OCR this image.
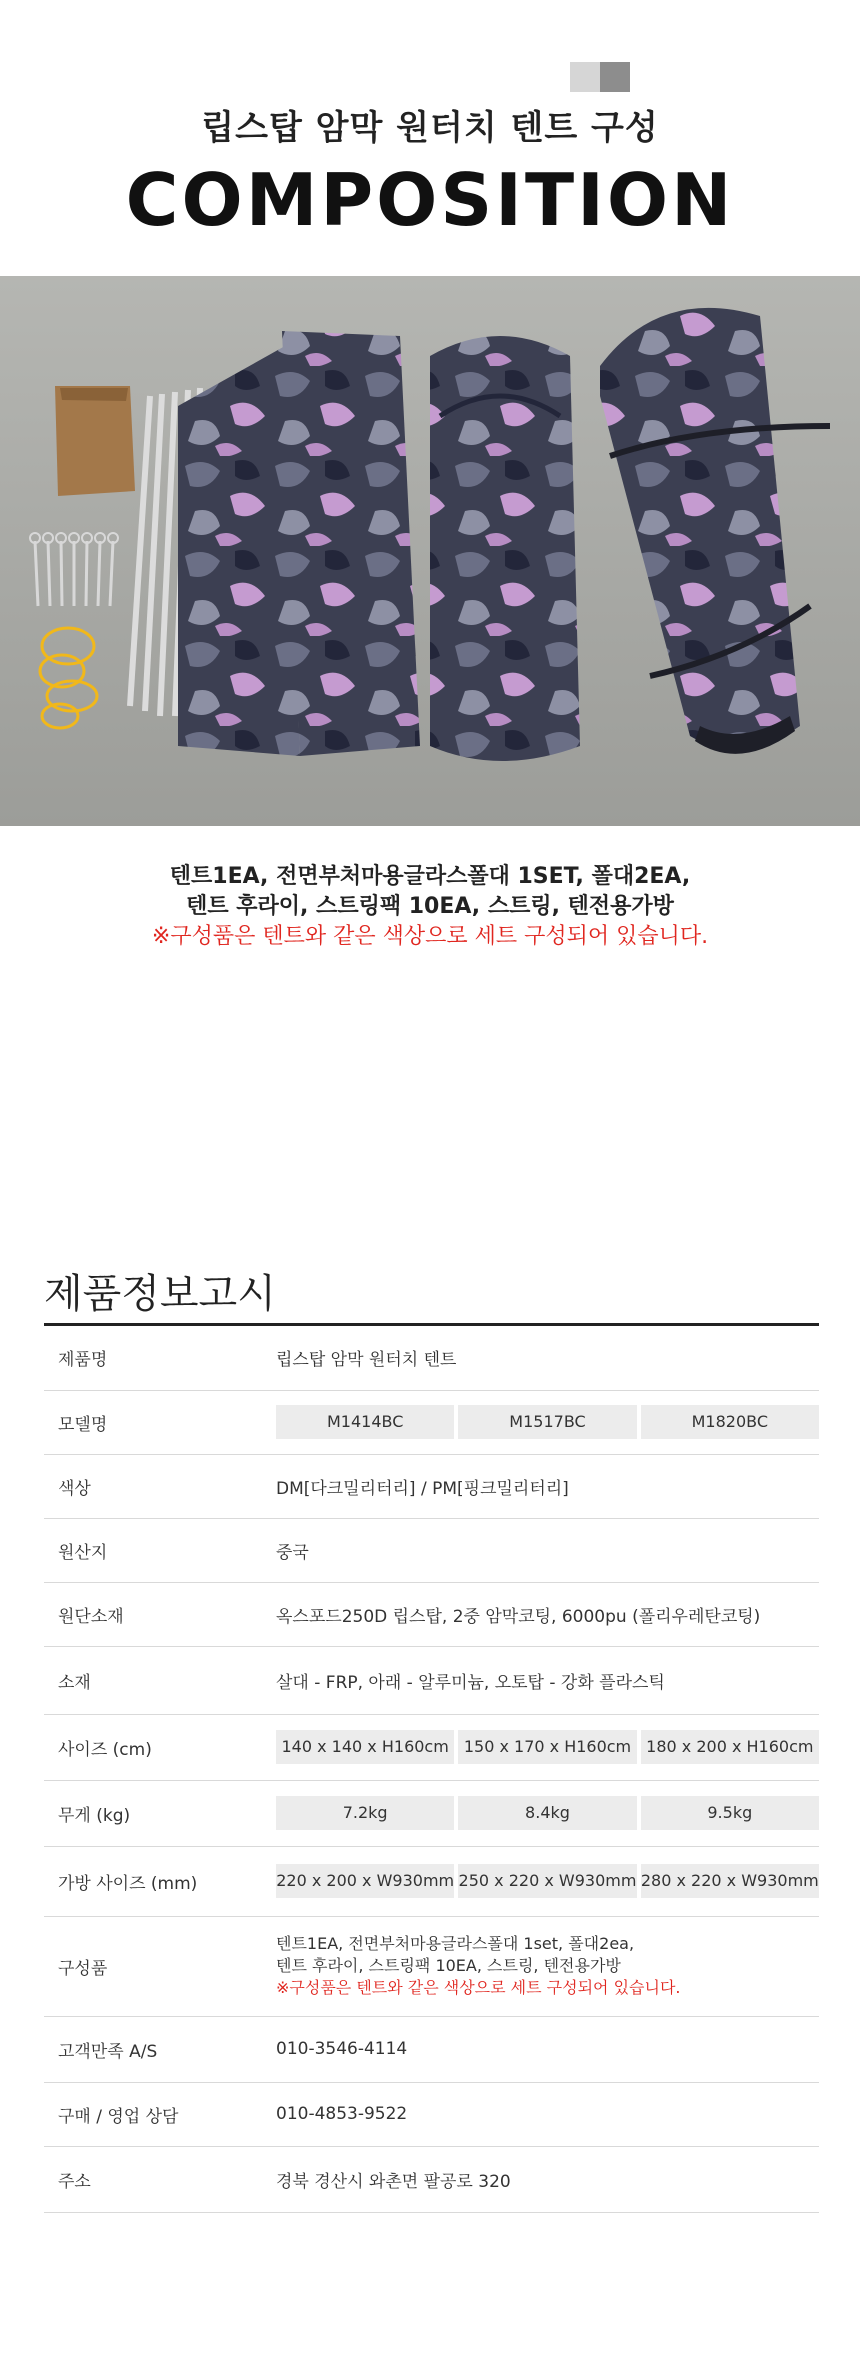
립스탑 암막 원터치 텐트 구성
COMPOSITION
텐트1EA, 전면부처마용글라스폴대 1SET, 폴대2EA,
텐트 후라이, 스트링팩 10EA, 스트링, 텐전용가방
※구성품은 텐트와 같은 색상으로 세트 구성되어 있습니다.
제품정보고시
제품명	립스탑 암막 원터치 텐트
모델명	M1414BC M1517BC M1820BC

색상	DM[다크밀리터리] / PM[핑크밀리터리]
원산지	중국
원단소재	옥스포드250D 립스탑, 2중 암막코팅, 6000pu (폴리우레탄코팅)
소재	살대 - FRP, 아래 - 알루미늄, 오토탑 - 강화 플라스틱
사이즈 (cm)	140 x 140 x H160cm 150 x 170 x H160cm 180 x 200 x H160cm

무게 (kg)	7.2kg 8.4kg 9.5kg

가방 사이즈 (mm)	220 x 200 x W930mm 250 x 220 x W930mm 280 x 220 x W930mm

구성품	텐트1EA, 전면부처마용글라스폴대 1set, 폴대2ea,
텐트 후라이, 스트링팩 10EA, 스트링, 텐전용가방
※구성품은 텐트와 같은 색상으로 세트 구성되어 있습니다.

고객만족 A/S	010-3546-4114
구매 / 영업 상담	010-4853-9522
주소	경북 경산시 와촌면 팔공로 320
